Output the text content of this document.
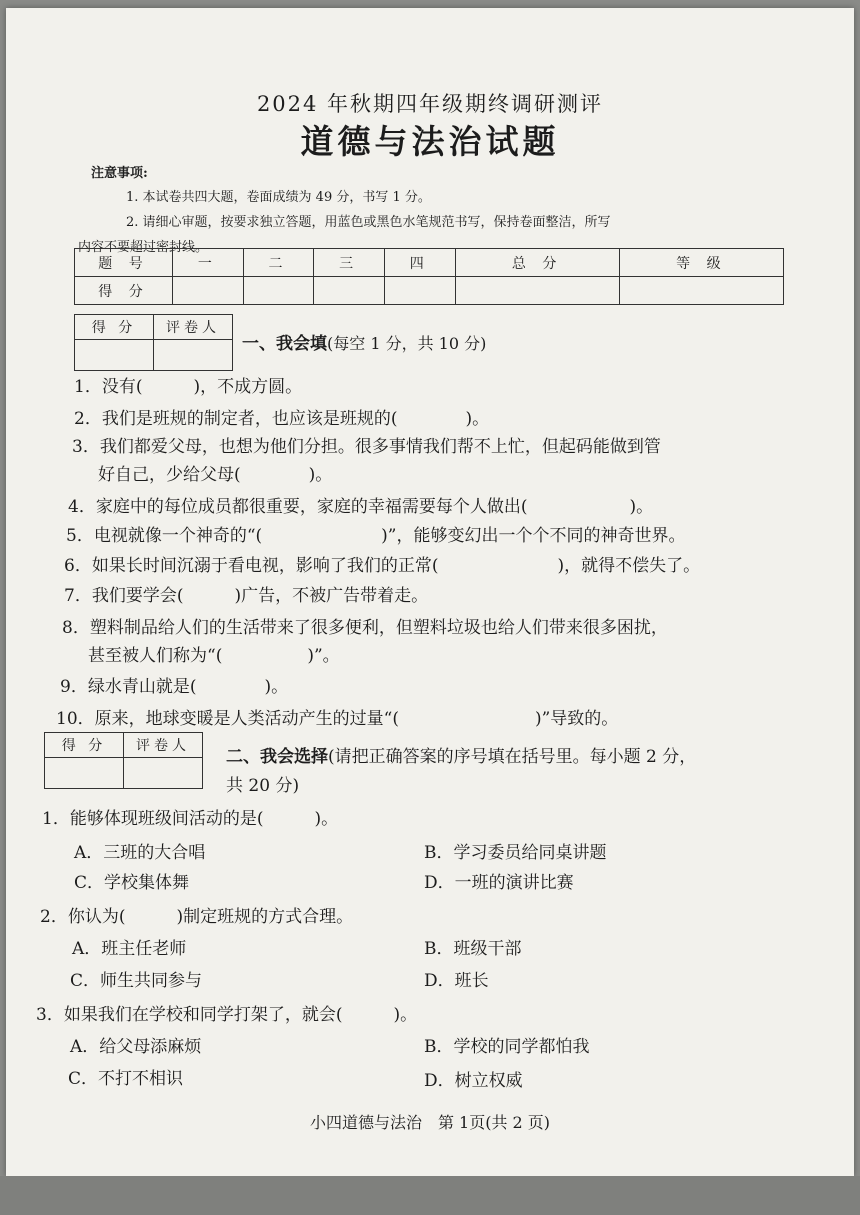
2024 年秋期四年级期终调研测评
道德与法治试题
注意事项:
1. 本试卷共四大题，卷面成绩为 49 分，书写 1 分。
2. 请细心审题，按要求独立答题，用蓝色或黑色水笔规范书写，保持卷面整洁，所写
内容不要超过密封线。
题 号	一	二	三	四	总 分	等 级
得 分						
得 分	评卷人

一、我会填(每空 1 分，共 10 分)
1．没有(　　　)，不成方圆。
2．我们是班规的制定者，也应该是班规的(　　　　)。
3．我们都爱父母，也想为他们分担。很多事情我们帮不上忙，但起码能做到管
好自己，少给父母(　　　　)。
4．家庭中的每位成员都很重要，家庭的幸福需要每个人做出(　　　　　　)。
5．电视就像一个神奇的“(　　　　　　　)”，能够变幻出一个个不同的神奇世界。
6．如果长时间沉溺于看电视，影响了我们的正常(　　　　　　　)，就得不偿失了。
7．我们要学会(　　　)广告，不被广告带着走。
8．塑料制品给人们的生活带来了很多便利，但塑料垃圾也给人们带来很多困扰，
甚至被人们称为“(　　　　　)”。
9．绿水青山就是(　　　　)。
10．原来，地球变暖是人类活动产生的过量“(　　　　　　　　)”导致的。
得 分	评卷人

二、我会选择(请把正确答案的序号填在括号里。每小题 2 分，
共 20 分)
1．能够体现班级间活动的是(　　　)。
A．三班的大合唱	B．学习委员给同桌讲题
C．学校集体舞	D．一班的演讲比赛
2．你认为(　　　)制定班规的方式合理。
A．班主任老师	B．班级干部
C．师生共同参与	D．班长
3．如果我们在学校和同学打架了，就会(　　　)。
A．给父母添麻烦	B．学校的同学都怕我
C．不打不相识	D．树立权威
小四道德与法治　第 1页(共 2 页)
